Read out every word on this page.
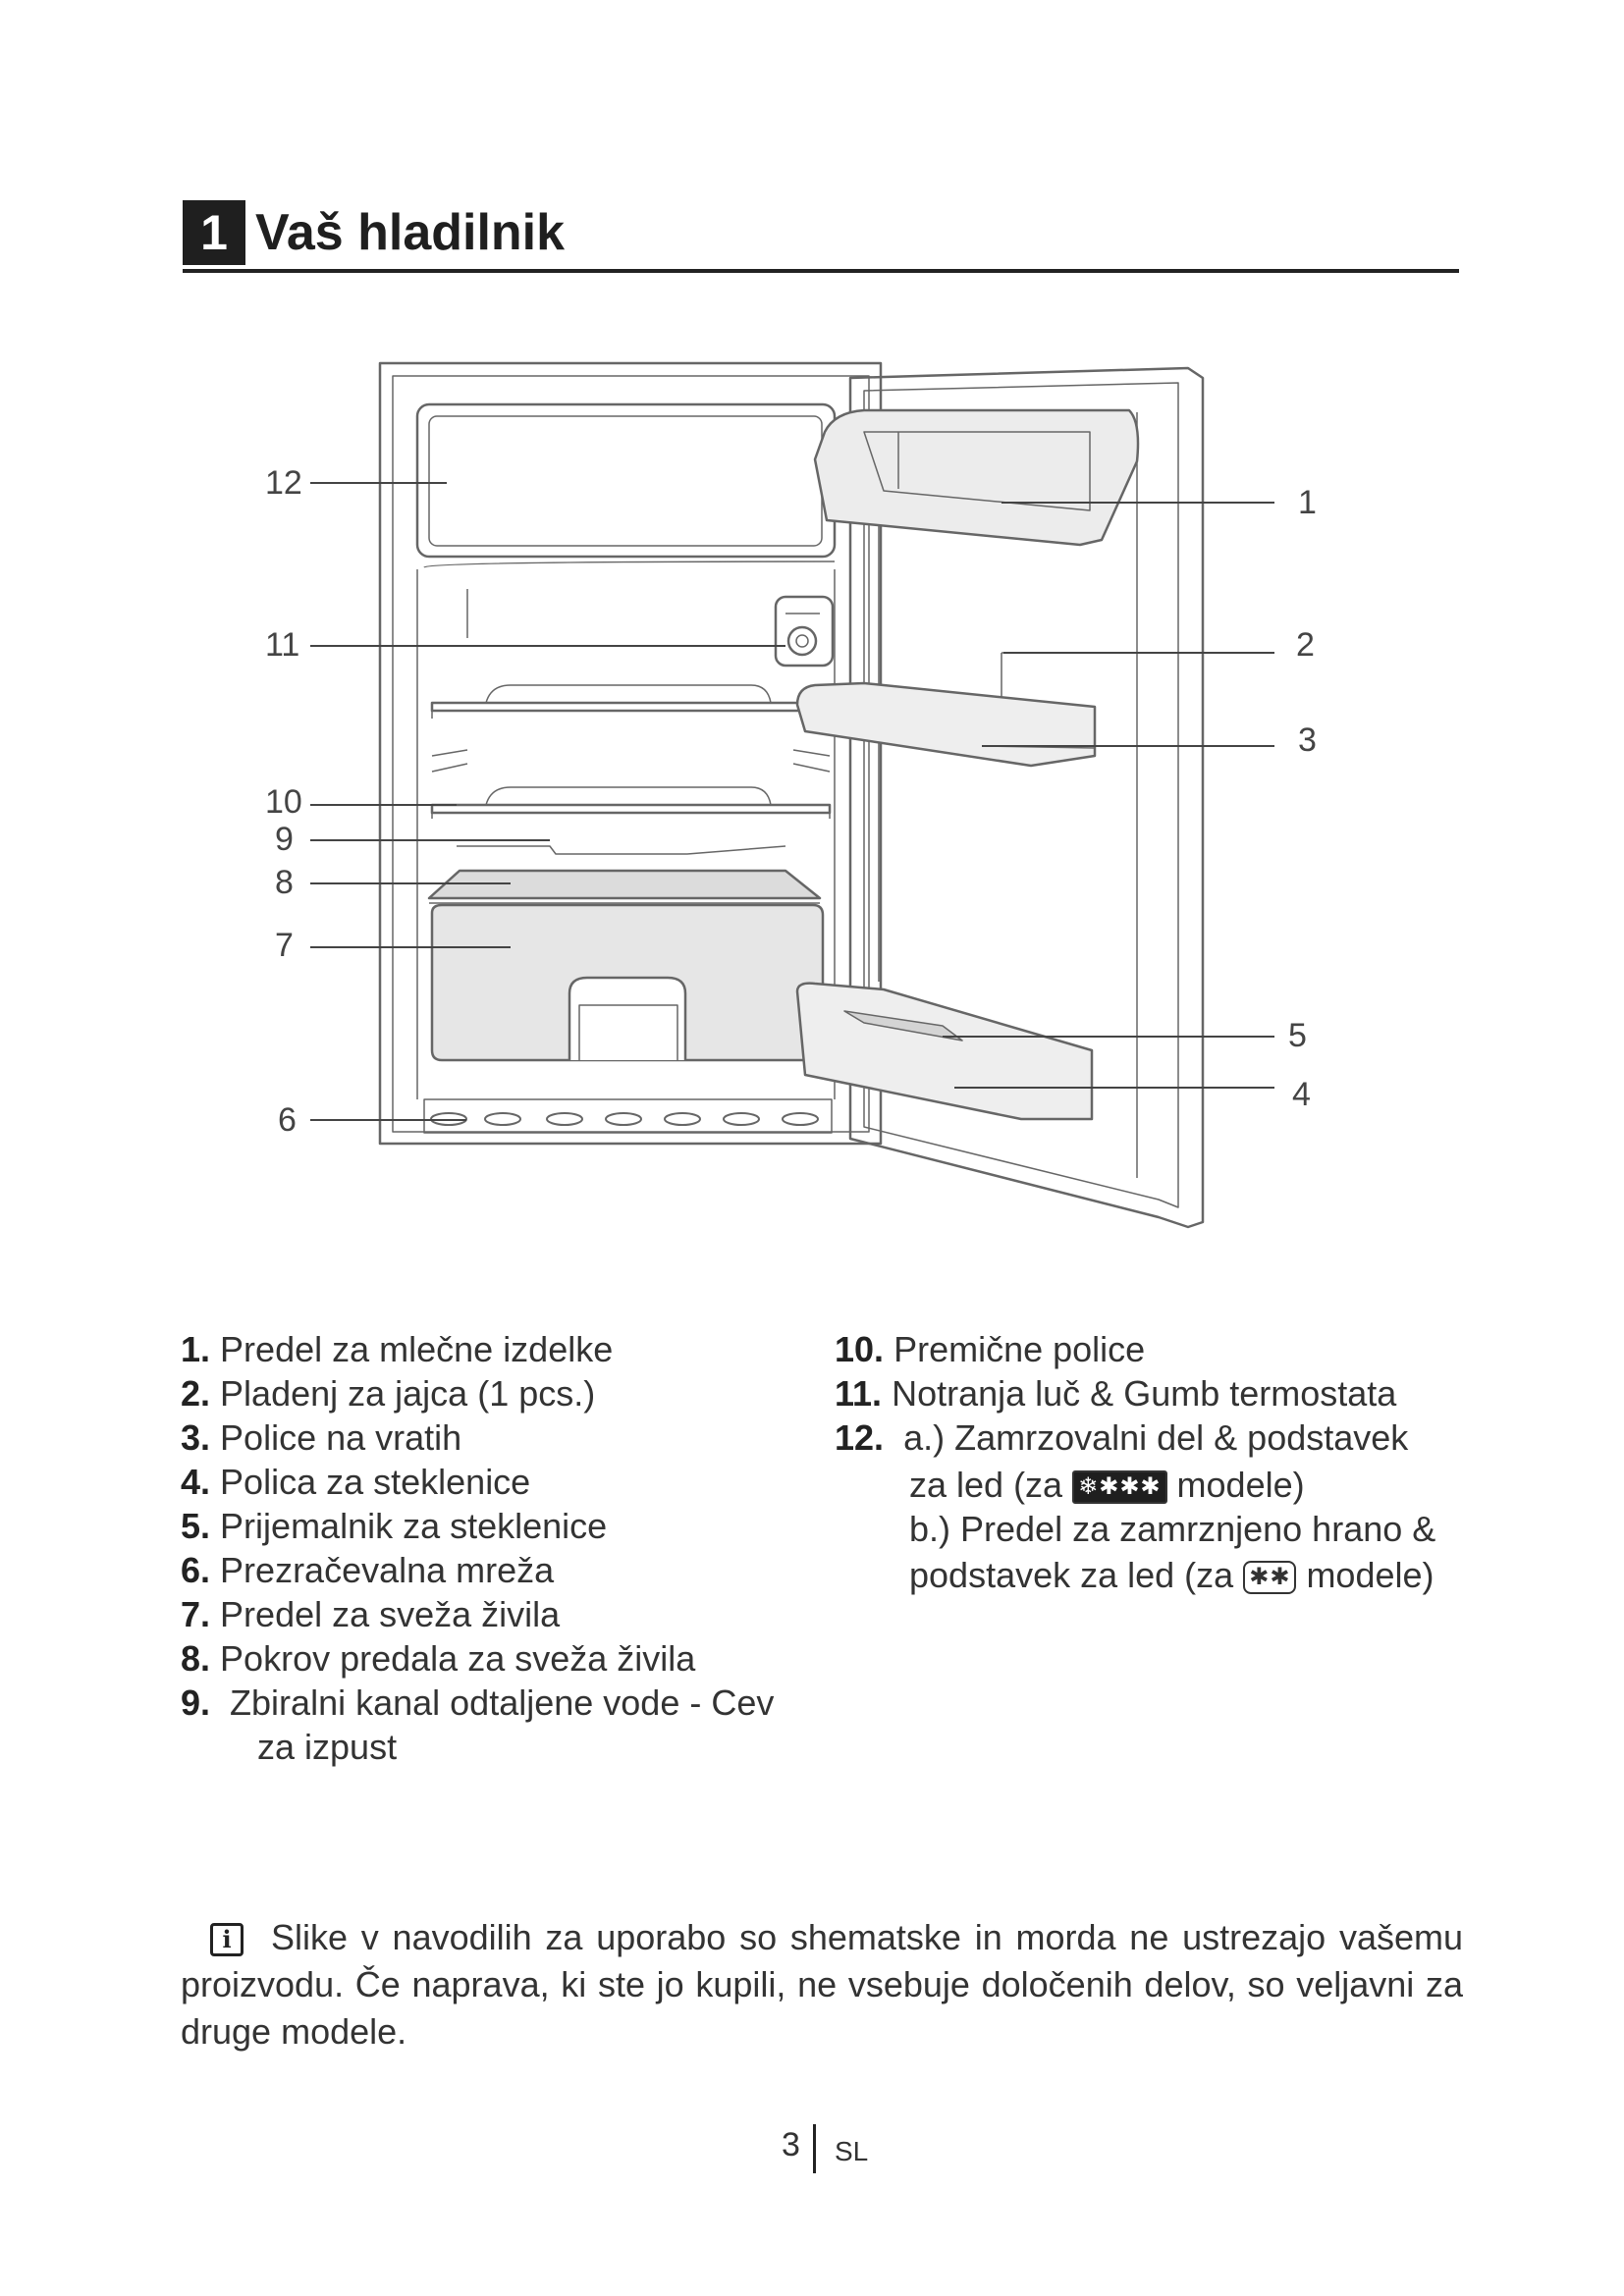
1 Vaš hladilnik
12
11
10
9
8
7
6
1
2
3
5
4
1. Predel za mlečne izdelke
2. Pladenj za jajca (1 pcs.)
3. Police na vratih
4. Polica za steklenice
5. Prijemalnik za steklenice
6. Prezračevalna mreža
7. Predel za sveža živila
8. Pokrov predala za sveža živila
9. Zbiralni kanal odtaljene vode - Cev
za izpust
10. Premične police
11. Notranja luč & Gumb termostata
12. a.) Zamrzovalni del & podstavek
za led (za ❄✱✱✱ modele)
b.) Predel za zamrznjeno hrano &
podstavek za led (za ✱✱ modele)
i Slike v navodilih za uporabo so shematske in morda ne ustrezajo vašemu proizvodu. Če naprava, ki ste jo kupili, ne vsebuje določenih delov, so veljavni za druge modele.
3 SL
